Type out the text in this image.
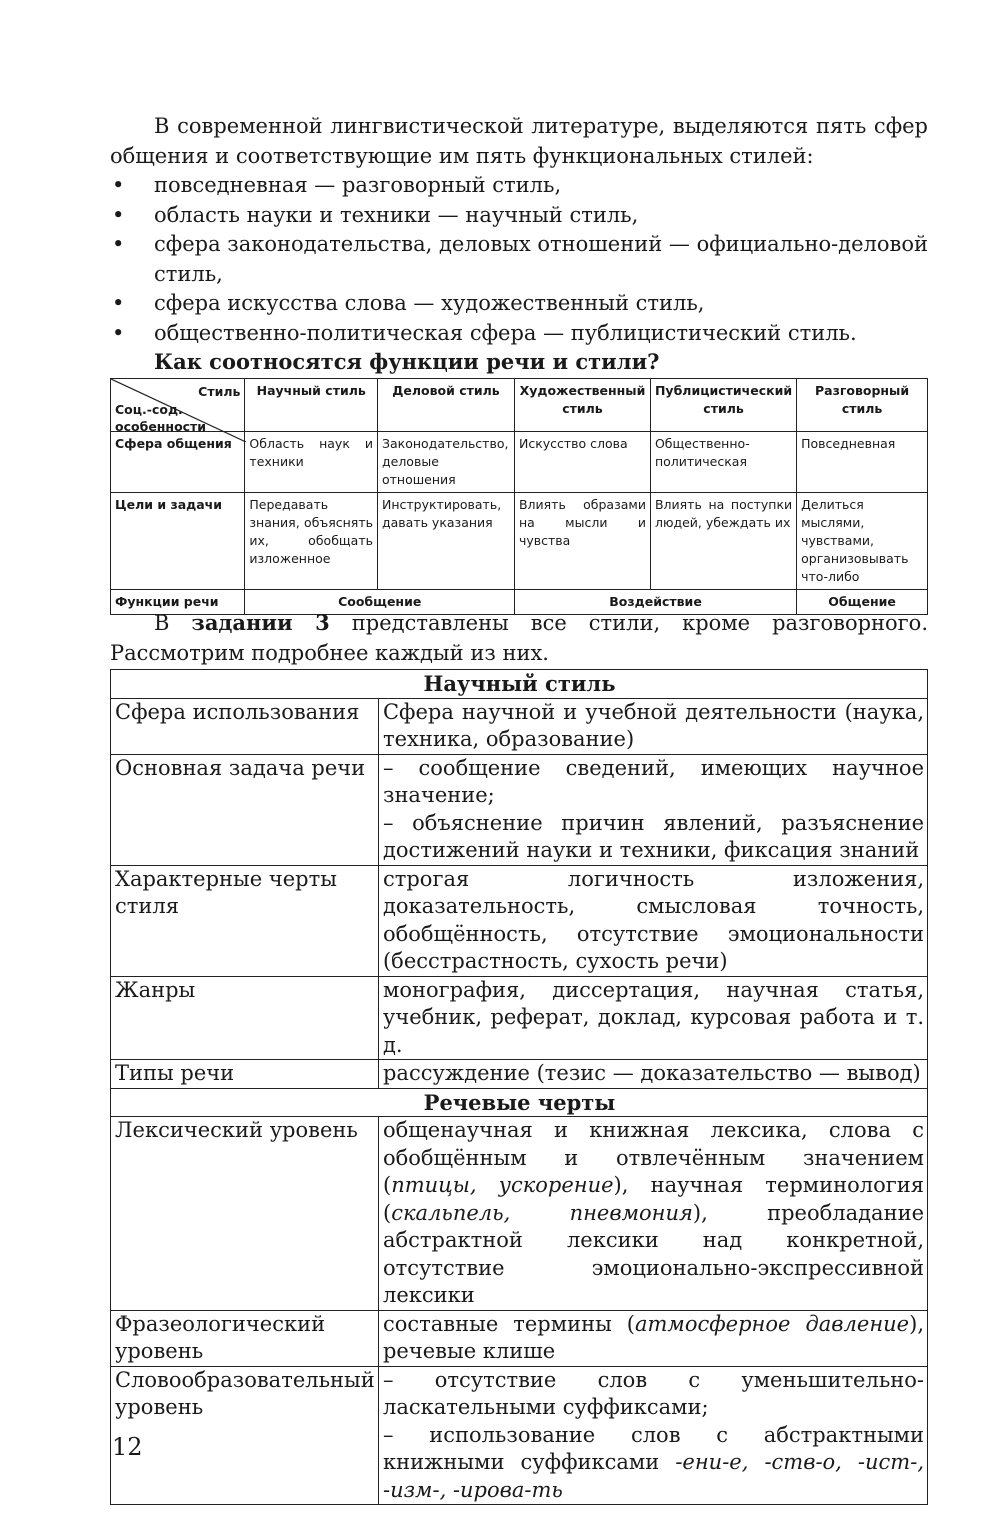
В современной лингвистической литературе, выделяются пять сфер общения и соответствующие им пять функциональных стилей:

• повседневная — разговорный стиль,
• область науки и техники — научный стиль,
• сфера законодательства, деловых отношений — официально-деловой стиль,
• сфера искусства слова — художественный стиль,
• общественно-политическая сфера — публицистический стиль.

Как соотносятся функции речи и стили?

Стиль
Соц.-сод. особенности	Научный стиль	Деловой стиль	Художественный стиль	Публицистический стиль	Разговорный стиль
Сфера общения	Область наук и техники	Законодательство, деловые отношения	Искусство слова	Общественно-политическая	Повседневная
Цели и задачи	Передавать знания, объяснять их, обобщать изложенное	Инструктировать, давать указания	Влиять образами на мысли и чувства	Влиять на поступки людей, убеждать их	Делиться мыслями, чувствами, организовывать что-либо
Функции речи	Сообщение		Воздействие		Общение

В задании 3 представлены все стили, кроме разговорного. Рассмотрим подробнее каждый из них.

Научный стиль	
Сфера использования	Сфера научной и учебной деятельности (наука, техника, образование)
Основная задача речи	– сообщение сведений, имеющих научное значение;
– объяснение причин явлений, разъяснение достижений науки и техники, фиксация знаний

Характерные черты стиля	строгая логичность изложения, доказательность, смысловая точность, обобщённость, отсутствие эмоциональности (бесстрастность, сухость речи)
Жанры	монография, диссертация, научная статья, учебник, реферат, доклад, курсовая работа и т. д.
Типы речи	рассуждение (тезис — доказательство — вывод)
Речевые черты	
Лексический уровень	общенаучная и книжная лексика, слова с обобщённым и отвлечённым значением (птицы, ускорение), научная терминология (скальпель, пневмония), преобладание абстрактной лексики над конкретной, отсутствие эмоционально-экспрессивной лексики
Фразеологический уровень	составные термины (атмосферное давление), речевые клише
Словообразовательный уровень	– отсутствие слов с уменьшительно-ласкательными суффиксами;
– использование слов с абстрактными книжными суффиксами -ени-е, -ств-о, -ист-, -изм-, -ирова-ть
12
